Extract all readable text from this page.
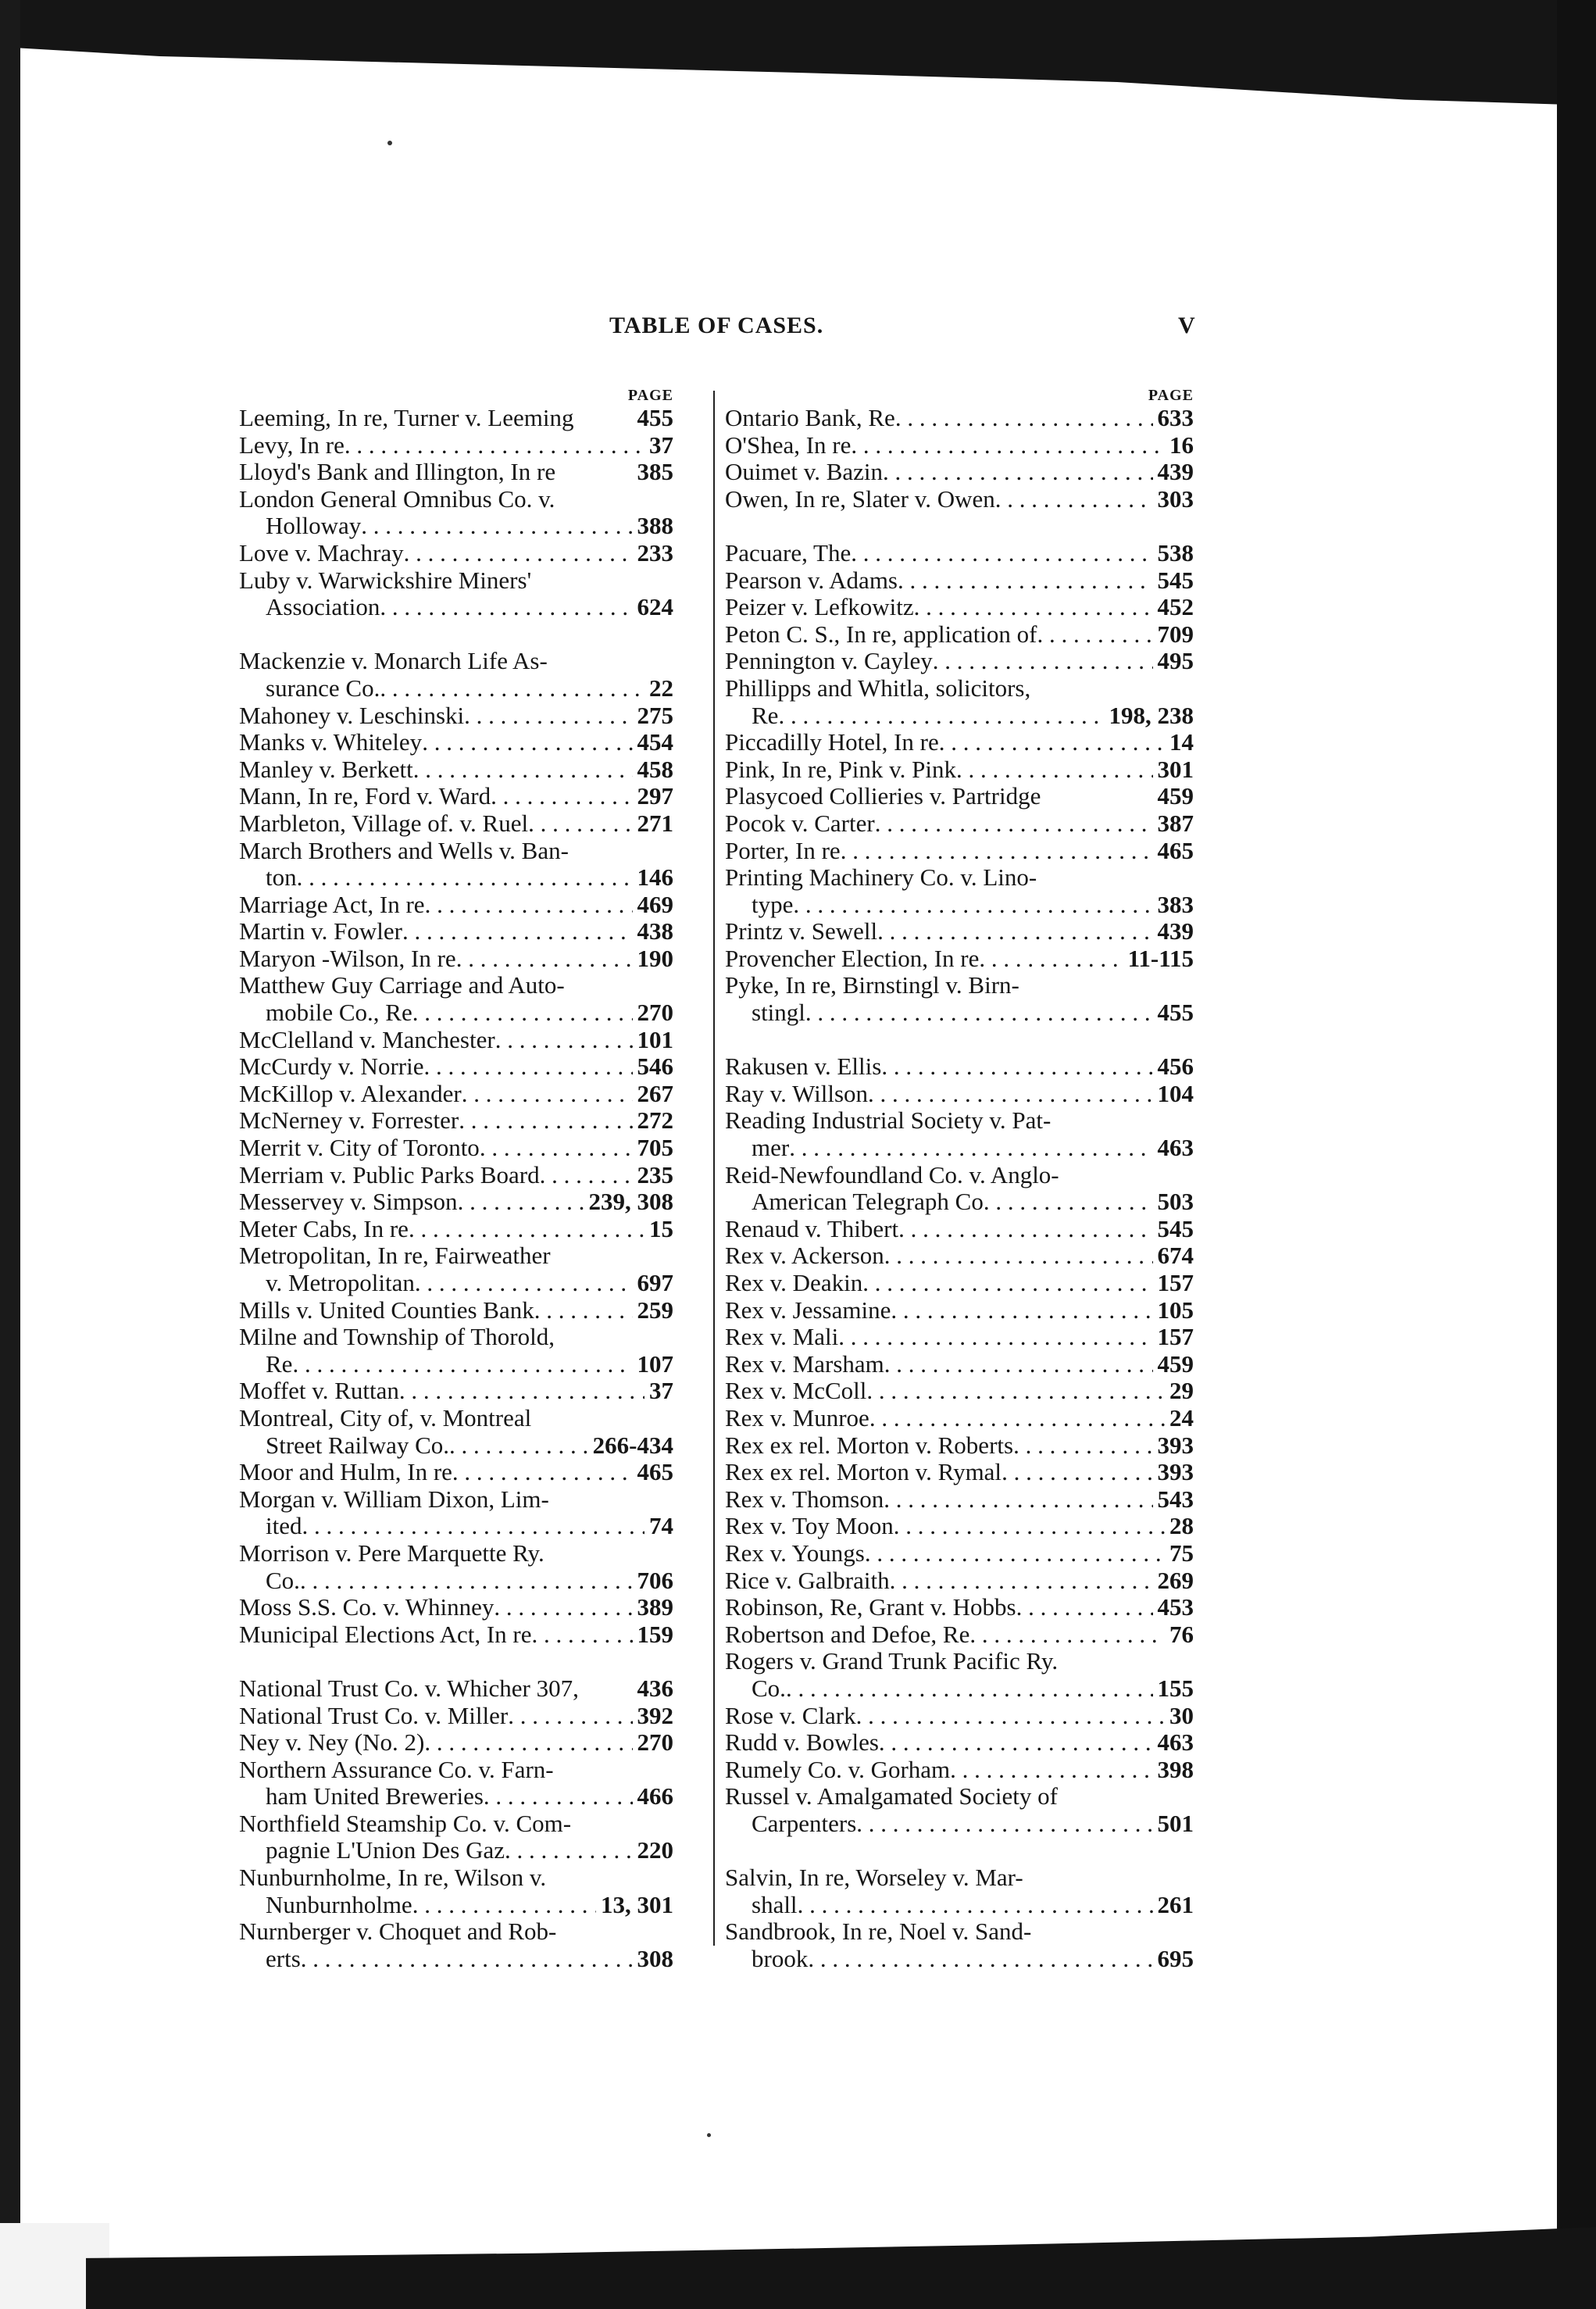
TABLE OF CASES.	V
PAGE
Leeming, In re, Turner v. Leeming	455
Levy, In re . . .	37
Lloyd's Bank and Illington, In re	385
London General Omnibus Co. v.
Holloway . . .	388
Love v. Machray . . .	233
Luby v. Warwickshire Miners'
Association . . .	624
Mackenzie v. Monarch Life As-
surance Co. . . .	22
Mahoney v. Leschinski . . .	275
Manks v. Whiteley . . .	454
Manley v. Berkett . . .	458
Mann, In re, Ford v. Ward . . .	297
Marbleton, Village of. v. Ruel . . .	271
March Brothers and Wells v. Ban-
ton . . .	146
Marriage Act, In re . . .	469
Martin v. Fowler . . .	438
Maryon -Wilson, In re . . .	190
Matthew Guy Carriage and Auto-
mobile Co., Re . . .	270
McClelland v. Manchester . . .	101
McCurdy v. Norrie . . .	546
McKillop v. Alexander . . .	267
McNerney v. Forrester . . .	272
Merrit v. City of Toronto . . .	705
Merriam v. Public Parks Board . . .	235
Messervey v. Simpson . . .	239, 308
Meter Cabs, In re . . .	15
Metropolitan, In re, Fairweather
v. Metropolitan . . .	697
Mills v. United Counties Bank . . .	259
Milne and Township of Thorold,
Re . . .	107
Moffet v. Ruttan . . .	37
Montreal, City of, v. Montreal
Street Railway Co. . . .	266-434
Moor and Hulm, In re . . .	465
Morgan v. William Dixon, Lim-
ited . . .	74
Morrison v. Pere Marquette Ry.
Co. . . .	706
Moss S.S. Co. v. Whinney . . .	389
Municipal Elections Act, In re . . .	159
National Trust Co. v. Whicher 307,	436
National Trust Co. v. Miller . . .	392
Ney v. Ney (No. 2) . . .	270
Northern Assurance Co. v. Farn-
ham United Breweries . . .	466
Northfield Steamship Co. v. Com-
pagnie L'Union Des Gaz . . .	220
Nunburnholme, In re, Wilson v.
Nunburnholme . . .	13, 301
Nurnberger v. Choquet and Rob-
erts . . .	308
PAGE
Ontario Bank, Re . . .	633
O'Shea, In re . . .	16
Ouimet v. Bazin . . .	439
Owen, In re, Slater v. Owen . . .	303
Pacuare, The . . .	538
Pearson v. Adams . . .	545
Peizer v. Lefkowitz . . .	452
Peton C. S., In re, application of . . .	709
Pennington v. Cayley . . .	495
Phillipps and Whitla, solicitors,
Re . . .	198, 238
Piccadilly Hotel, In re . . .	14
Pink, In re, Pink v. Pink . . .	301
Plasycoed Collieries v. Partridge	459
Pocok v. Carter . . .	387
Porter, In re . . .	465
Printing Machinery Co. v. Lino-
type . . .	383
Printz v. Sewell . . .	439
Provencher Election, In re . . .	11-115
Pyke, In re, Birnstingl v. Birn-
stingl . . .	455
Rakusen v. Ellis . . .	456
Ray v. Willson . . .	104
Reading Industrial Society v. Pat-
mer . . .	463
Reid-Newfoundland Co. v. Anglo-
American Telegraph Co . . .	503
Renaud v. Thibert . . .	545
Rex v. Ackerson . . .	674
Rex v. Deakin . . .	157
Rex v. Jessamine . . .	105
Rex v. Mali . . .	157
Rex v. Marsham . . .	459
Rex v. McColl . . .	29
Rex v. Munroe . . .	24
Rex ex rel. Morton v. Roberts . . .	393
Rex ex rel. Morton v. Rymal . . .	393
Rex v. Thomson . . .	543
Rex v. Toy Moon . . .	28
Rex v. Youngs . . .	75
Rice v. Galbraith . . .	269
Robinson, Re, Grant v. Hobbs . . .	453
Robertson and Defoe, Re . . .	76
Rogers v. Grand Trunk Pacific Ry.
Co. . . .	155
Rose v. Clark . . .	30
Rudd v. Bowles . . .	463
Rumely Co. v. Gorham . . .	398
Russel v. Amalgamated Society of
Carpenters . . .	501
Salvin, In re, Worseley v. Mar-
shall . . .	261
Sandbrook, In re, Noel v. Sand-
brook . . .	695
